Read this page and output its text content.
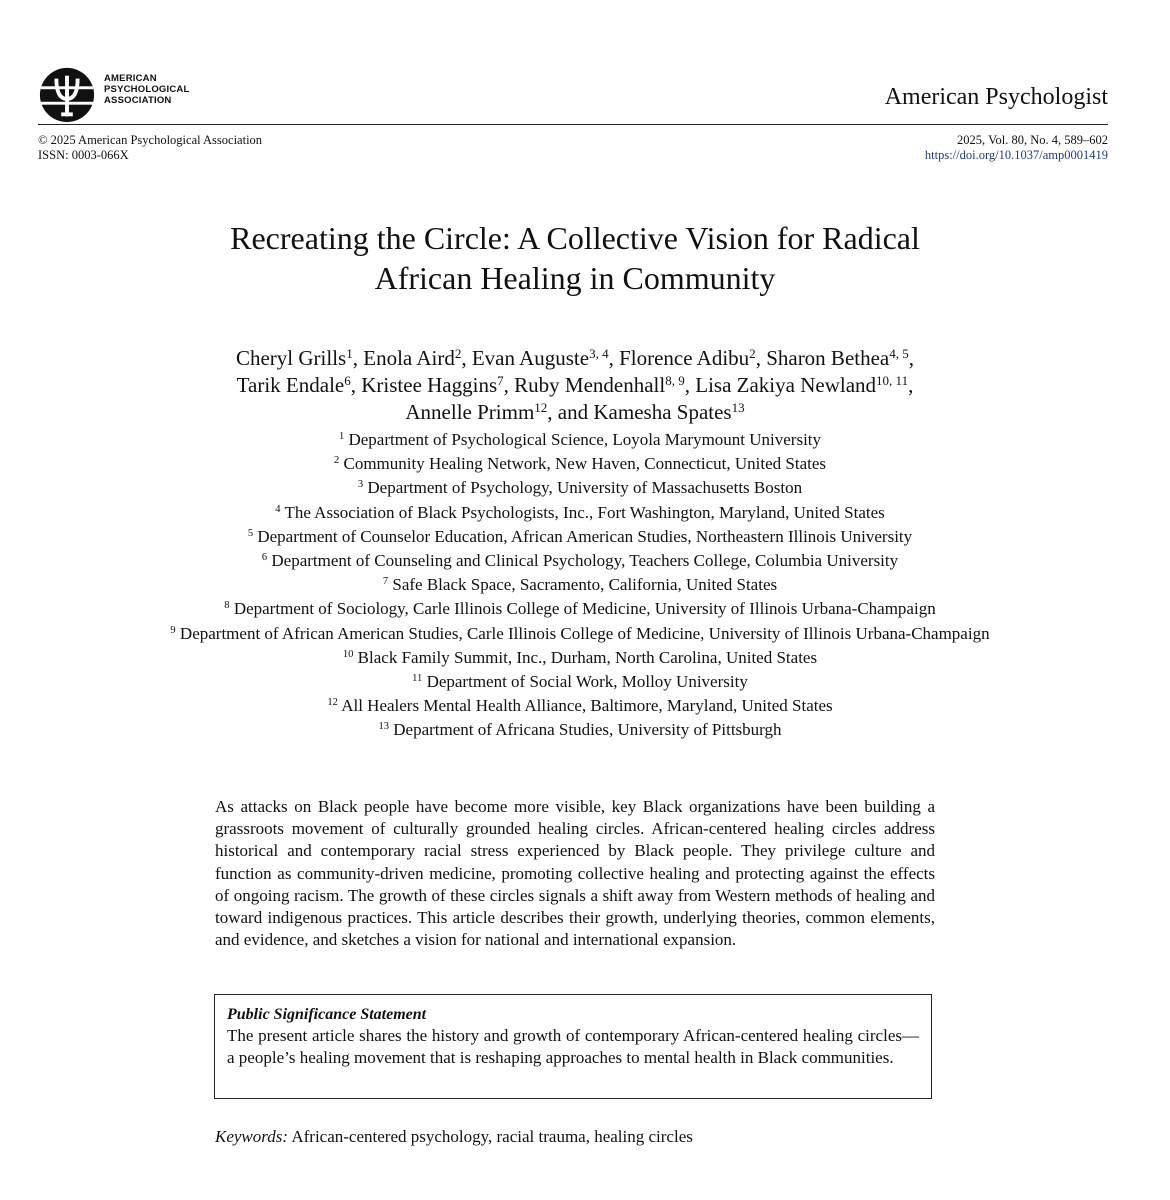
AMERICAN
PSYCHOLOGICAL
ASSOCIATION	American Psychologist
© 2025 American Psychological Association
ISSN: 0003-066X
2025, Vol. 80, No. 4, 589–602
https://doi.org/10.1037/amp0001419
Recreating the Circle: A Collective Vision for Radical
African Healing in Community
Cheryl Grills$^1$, Enola Aird$^2$, Evan Auguste$^{3, 4}$, Florence Adibu$^2$, Sharon Bethea$^{4, 5}$,
Tarik Endale$^6$, Kristee Haggins$^7$, Ruby Mendenhall$^{8, 9}$, Lisa Zakiya Newland$^{10, 11}$,
Annelle Primm$^{12}$, and Kamesha Spates$^{13}$
$^1$ Department of Psychological Science, Loyola Marymount University
$^2$ Community Healing Network, New Haven, Connecticut, United States
$^3$ Department of Psychology, University of Massachusetts Boston
$^4$ The Association of Black Psychologists, Inc., Fort Washington, Maryland, United States
$^5$ Department of Counselor Education, African American Studies, Northeastern Illinois University
$^6$ Department of Counseling and Clinical Psychology, Teachers College, Columbia University
$^7$ Safe Black Space, Sacramento, California, United States
$^8$ Department of Sociology, Carle Illinois College of Medicine, University of Illinois Urbana-Champaign
$^9$ Department of African American Studies, Carle Illinois College of Medicine, University of Illinois Urbana-Champaign
$^{10}$ Black Family Summit, Inc., Durham, North Carolina, United States
$^{11}$ Department of Social Work, Molloy University
$^{12}$ All Healers Mental Health Alliance, Baltimore, Maryland, United States
$^{13}$ Department of Africana Studies, University of Pittsburgh

As attacks on Black people have become more visible, key Black organizations have been building a grassroots movement of culturally grounded healing circles. African-centered healing circles address historical and contemporary racial stress experienced by Black people. They privilege culture and function as community-driven medicine, promoting collective healing and protecting against the effects of ongoing racism. The growth of these circles signals a shift away from Western methods of healing and toward indigenous practices. This article describes their growth, underlying theories, common elements, and evidence, and sketches a vision for national and international expansion.

Public Significance Statement

The present article shares the history and growth of contemporary African-centered healing circles—a people’s healing movement that is reshaping approaches to mental health in Black communities.

Keywords: African-centered psychology, racial trauma, healing circles
